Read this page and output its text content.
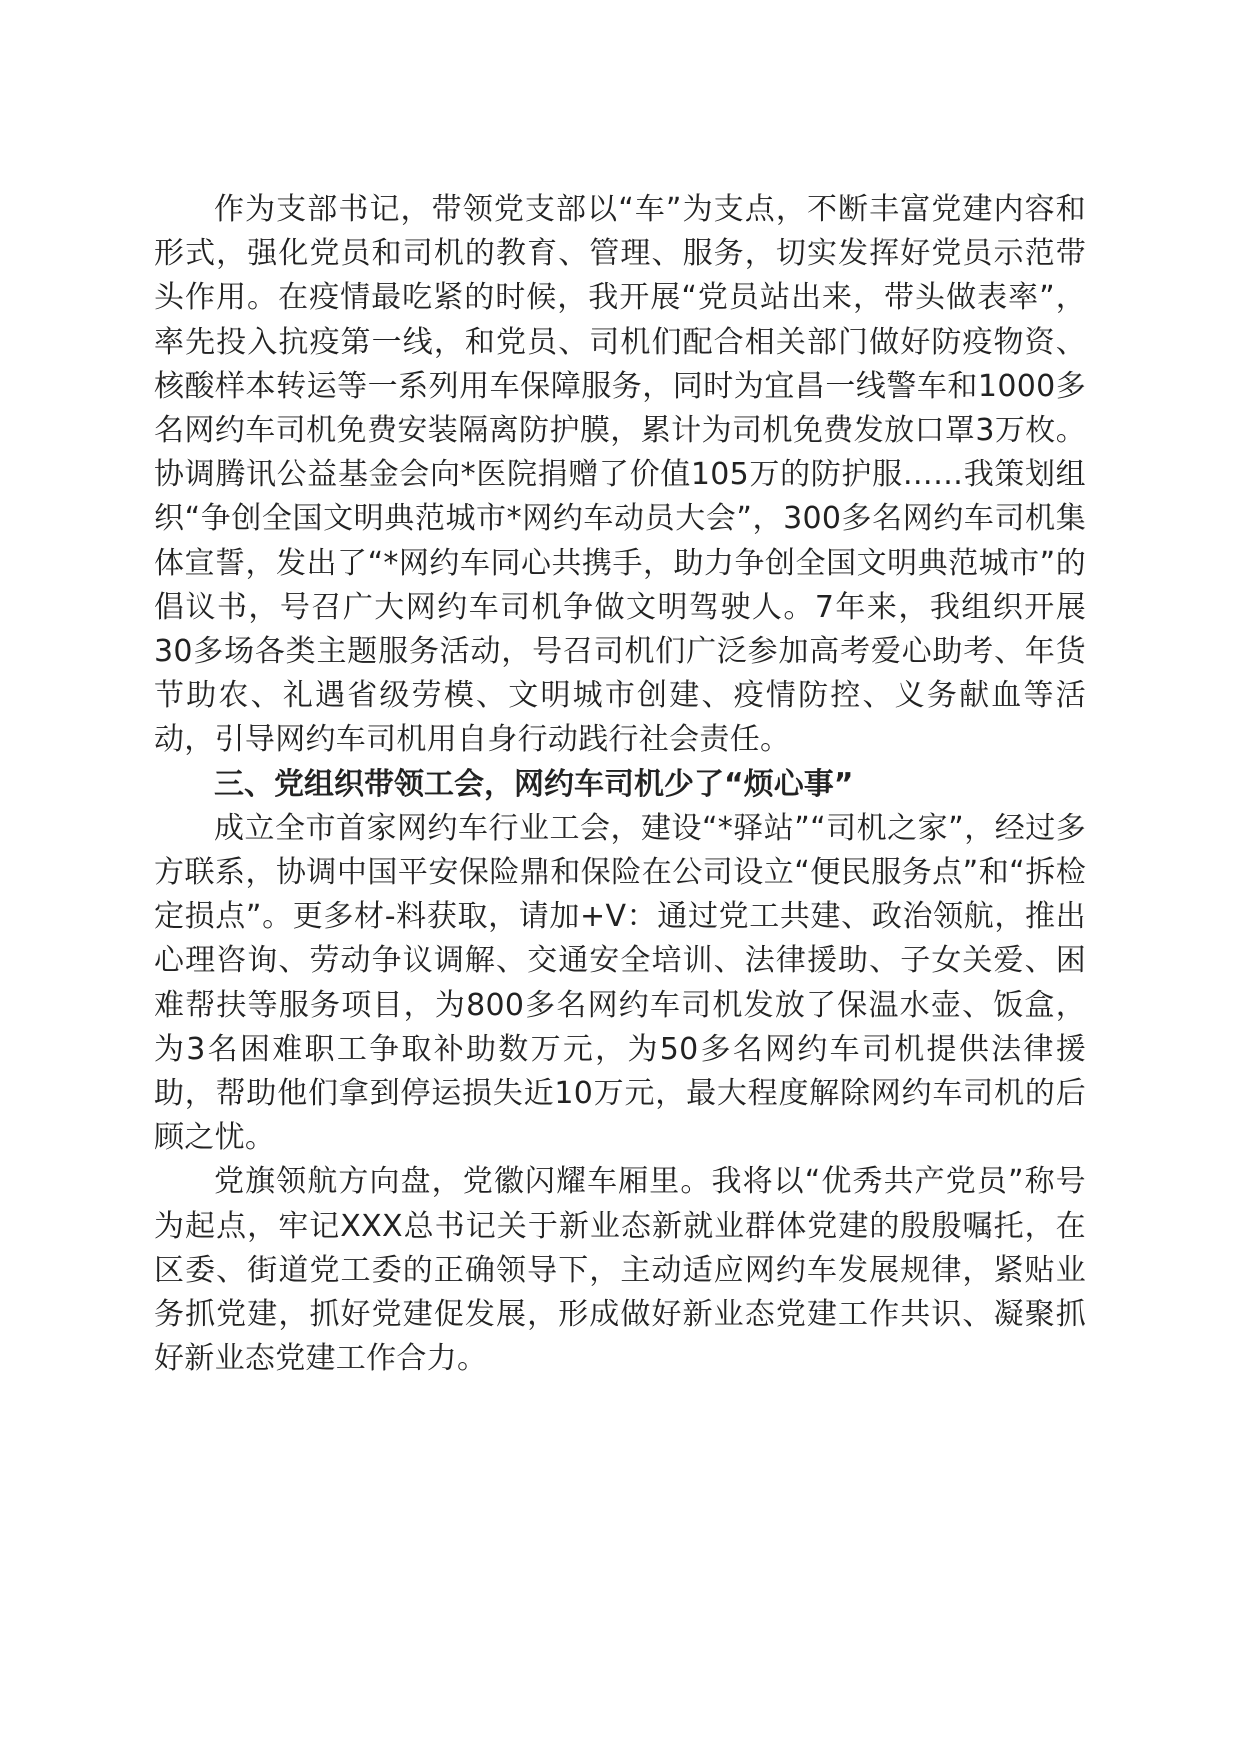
作为支部书记，带领党支部以“车”为支点，不断丰富党建内容和形式，强化党员和司机的教育、管理、服务，切实发挥好党员示范带头作用。在疫情最吃紧的时候，我开展“党员站出来，带头做表率”，率先投入抗疫第一线，和党员、司机们配合相关部门做好防疫物资、核酸样本转运等一系列用车保障服务，同时为宜昌一线警车和1000多名网约车司机免费安装隔离防护膜，累计为司机免费发放口罩3万枚。协调腾讯公益基金会向*医院捐赠了价值105万的防护服……我策划组织“争创全国文明典范城市*网约车动员大会”，300多名网约车司机集体宣誓，发出了“*网约车同心共携手，助力争创全国文明典范城市”的倡议书，号召广大网约车司机争做文明驾驶人。7年来，我组织开展30多场各类主题服务活动，号召司机们广泛参加高考爱心助考、年货节助农、礼遇省级劳模、文明城市创建、疫情防控、义务献血等活动，引导网约车司机用自身行动践行社会责任。

三、党组织带领工会，网约车司机少了“烦心事”

成立全市首家网约车行业工会，建设“*驿站”“司机之家”，经过多方联系，协调中国平安保险鼎和保险在公司设立“便民服务点”和“拆检定损点”。更多材-料获取，请加+V：通过党工共建、政治领航，推出心理咨询、劳动争议调解、交通安全培训、法律援助、子女关爱、困难帮扶等服务项目，为800多名网约车司机发放了保温水壶、饭盒，为3名困难职工争取补助数万元，为50多名网约车司机提供法律援助，帮助他们拿到停运损失近10万元，最大程度解除网约车司机的后顾之忧。

党旗领航方向盘，党徽闪耀车厢里。我将以“优秀共产党员”称号为起点，牢记XXX总书记关于新业态新就业群体党建的殷殷嘱托，在区委、街道党工委的正确领导下，主动适应网约车发展规律，紧贴业务抓党建，抓好党建促发展，形成做好新业态党建工作共识、凝聚抓好新业态党建工作合力。
